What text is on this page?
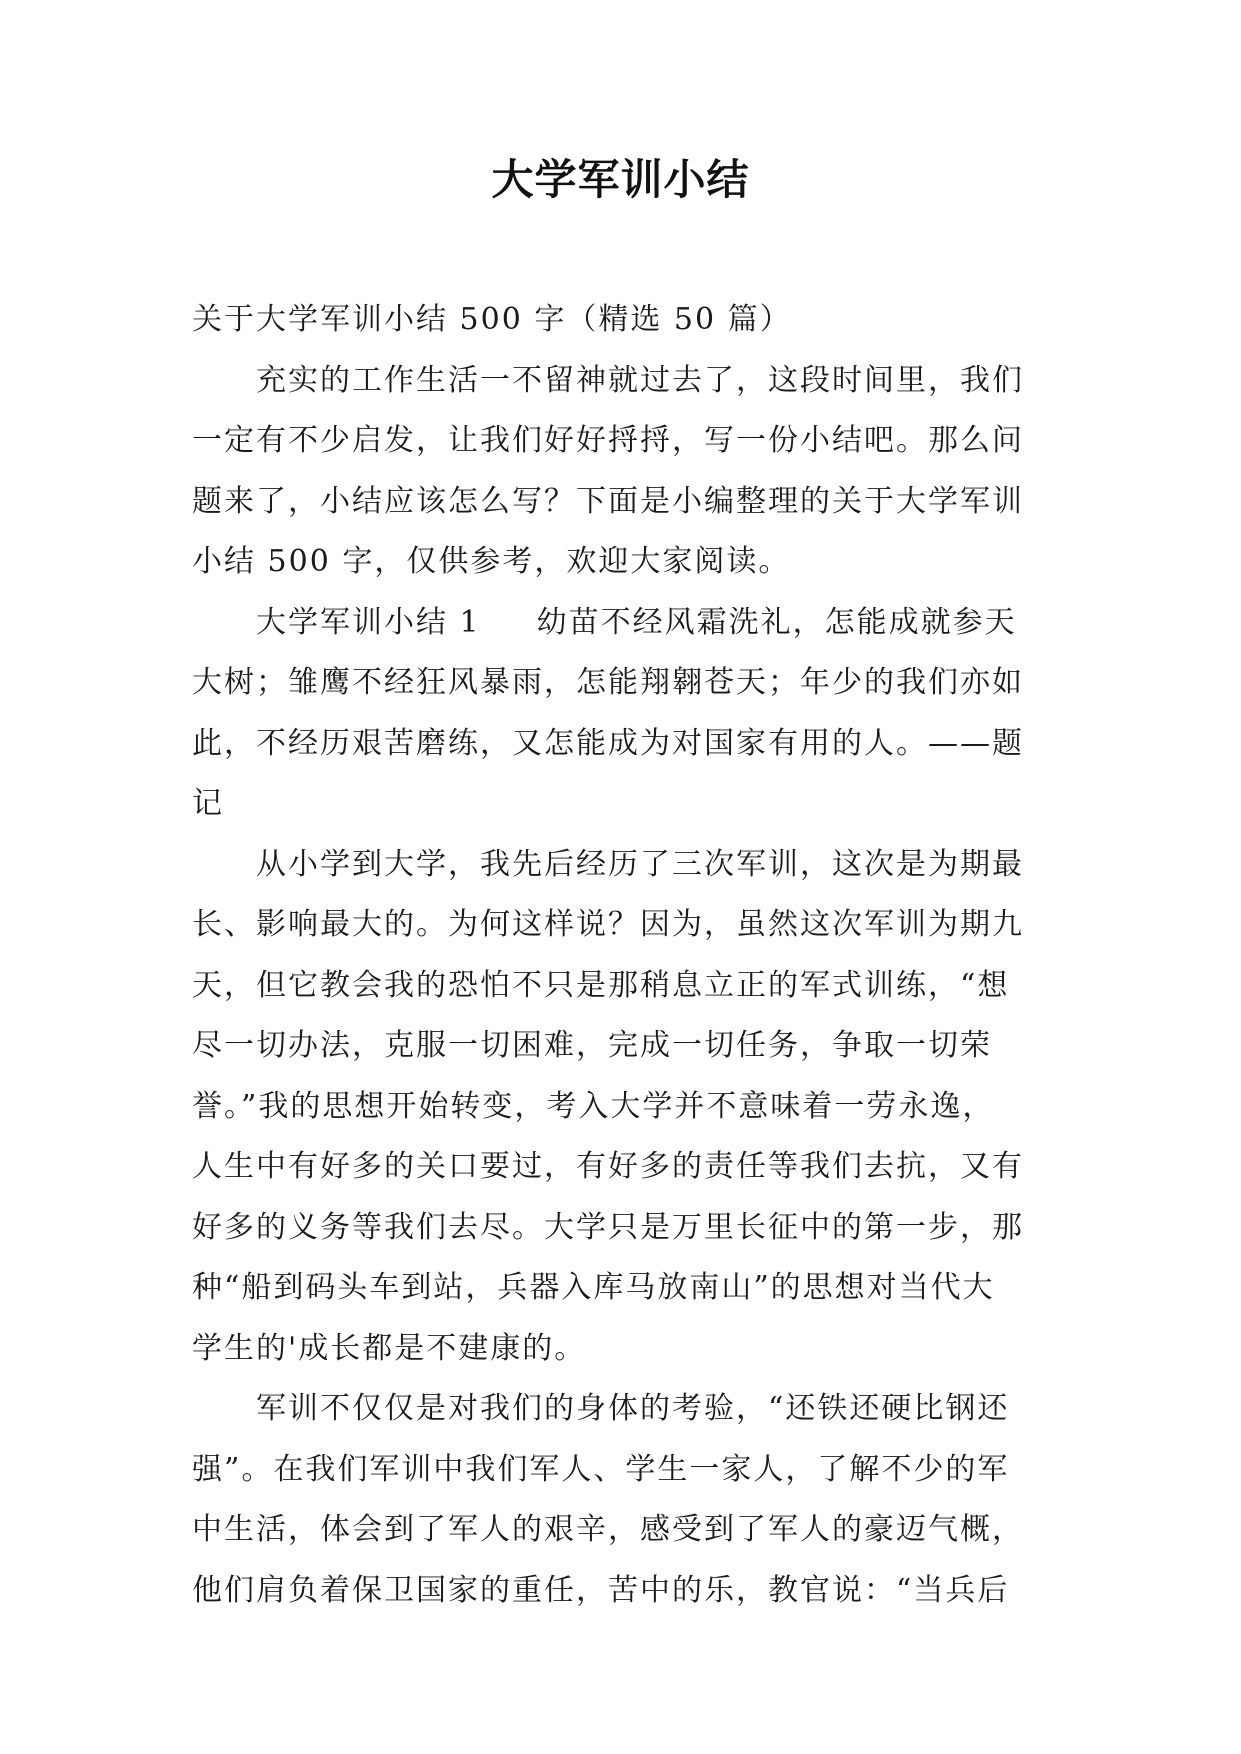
大学军训小结
关于大学军训小结 500 字（精选 50 篇）
充实的工作生活一不留神就过去了，这段时间里，我们
一定有不少启发，让我们好好捋捋，写一份小结吧。那么问
题来了，小结应该怎么写？下面是小编整理的关于大学军训
小结 500 字，仅供参考，欢迎大家阅读。
大学军训小结 1 幼苗不经风霜洗礼，怎能成就参天
大树；雏鹰不经狂风暴雨，怎能翔翱苍天；年少的我们亦如
此，不经历艰苦磨练，又怎能成为对国家有用的人。——题
记
从小学到大学，我先后经历了三次军训，这次是为期最
长、影响最大的。为何这样说？因为，虽然这次军训为期九
天，但它教会我的恐怕不只是那稍息立正的军式训练，“想
尽一切办法，克服一切困难，完成一切任务，争取一切荣
誉。”我的思想开始转变，考入大学并不意味着一劳永逸，
人生中有好多的关口要过，有好多的责任等我们去抗，又有
好多的义务等我们去尽。大学只是万里长征中的第一步，那
种“船到码头车到站，兵器入库马放南山”的思想对当代大
学生的'成长都是不建康的。
军训不仅仅是对我们的身体的考验，“还铁还硬比钢还
强”。在我们军训中我们军人、学生一家人，了解不少的军
中生活，体会到了军人的艰辛，感受到了军人的豪迈气概，
他们肩负着保卫国家的重任，苦中的乐，教官说：“当兵后
